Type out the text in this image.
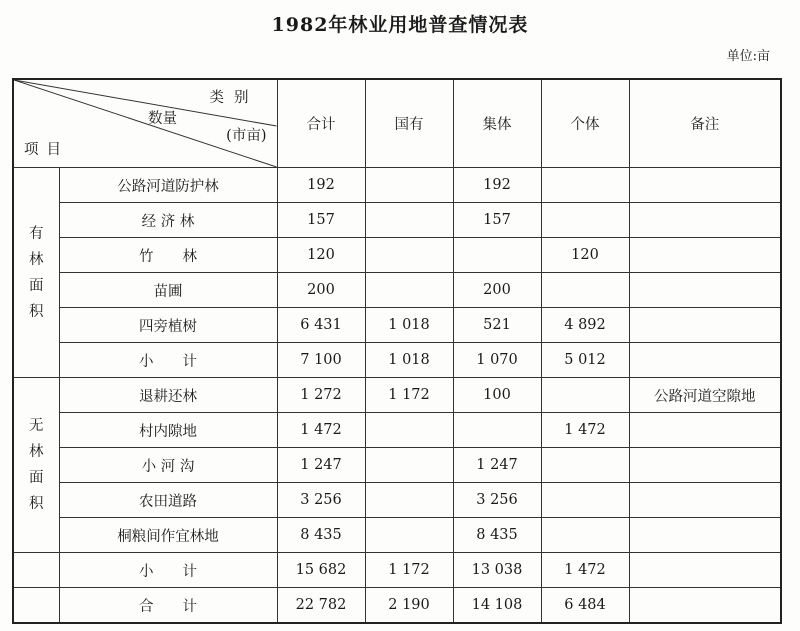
1982年林业用地普查情况表
单位:亩
类别
数量
(市亩)
项目		合计	国有	集体	个体	备注

有
林
面
积	公路河道防护林	192		192		
	经 济 林	157		157		
	竹　　林	120			120	
	苗圃	200		200		
	四旁植树	6 431	1 018	521	4 892	
	小　　计	7 100	1 018	1 070	5 012	

无
林
面
积	退耕还林	1 272	1 172	100		公路河道空隙地
	村内隙地	1 472			1 472	
	小 河 沟	1 247		1 247		
	农田道路	3 256		3 256		
	桐粮间作宜林地	8 435		8 435		
	小　　计	15 682	1 172	13 038	1 472	
	合　　计	22 782	2 190	14 108	6 484	
